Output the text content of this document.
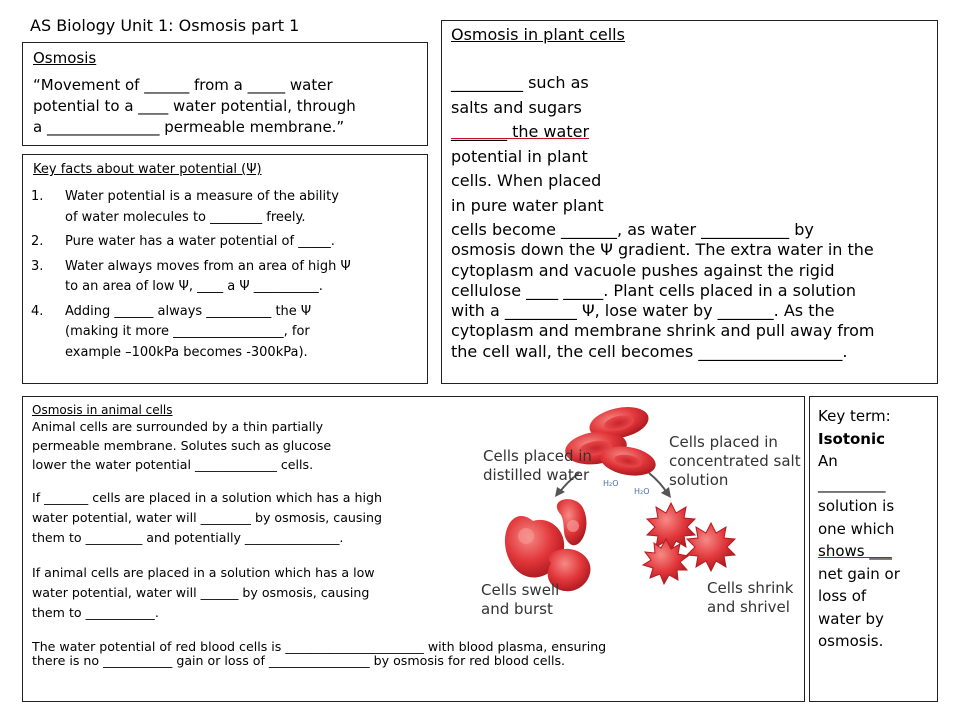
AS Biology Unit 1: Osmosis part 1
Osmosis
“Movement of ______ from a _____ water
potential to a ____ water potential, through
a _______________ permeable membrane.”
Key facts about water potential (Ψ)
1. Water potential is a measure of the ability
of water molecules to ________ freely.
2. Pure water has a water potential of _____.
3. Water always moves from an area of high Ψ
to an area of low Ψ, ____ a Ψ __________.
4. Adding ______ always __________ the Ψ
(making it more _________________, for
example –100kPa becomes -300kPa).
Osmosis in plant cells
_________ such as
salts and sugars
_______ the water
potential in plant
cells. When placed
in pure water plant
cells become _______, as water ___________ by
osmosis down the Ψ gradient. The extra water in the
cytoplasm and vacuole pushes against the rigid
cellulose ____ _____. Plant cells placed in a solution
with a _________ Ψ, lose water by _______. As the
cytoplasm and membrane shrink and pull away from
the cell wall, the cell becomes __________________.
Osmosis in animal cells
Animal cells are surrounded by a thin partially
permeable membrane. Solutes such as glucose
lower the water potential _____________ cells.
If _______ cells are placed in a solution which has a high
water potential, water will ________ by osmosis, causing
them to _________ and potentially _______________.
If animal cells are placed in a solution which has a low
water potential, water will ______ by osmosis, causing
them to ___________.
The water potential of red blood cells is ______________________ with blood plasma, ensuring
there is no ___________ gain or loss of ________________ by osmosis for red blood cells.
Cells placed in
distilled water
Cells placed in
concentrated salt
solution
H₂O
H₂O
Cells swell
and burst
Cells shrink
and shrivel
Key term:
Isotonic
An
_________
solution is
one which
shows ___
net gain or
loss of
water by
osmosis.
